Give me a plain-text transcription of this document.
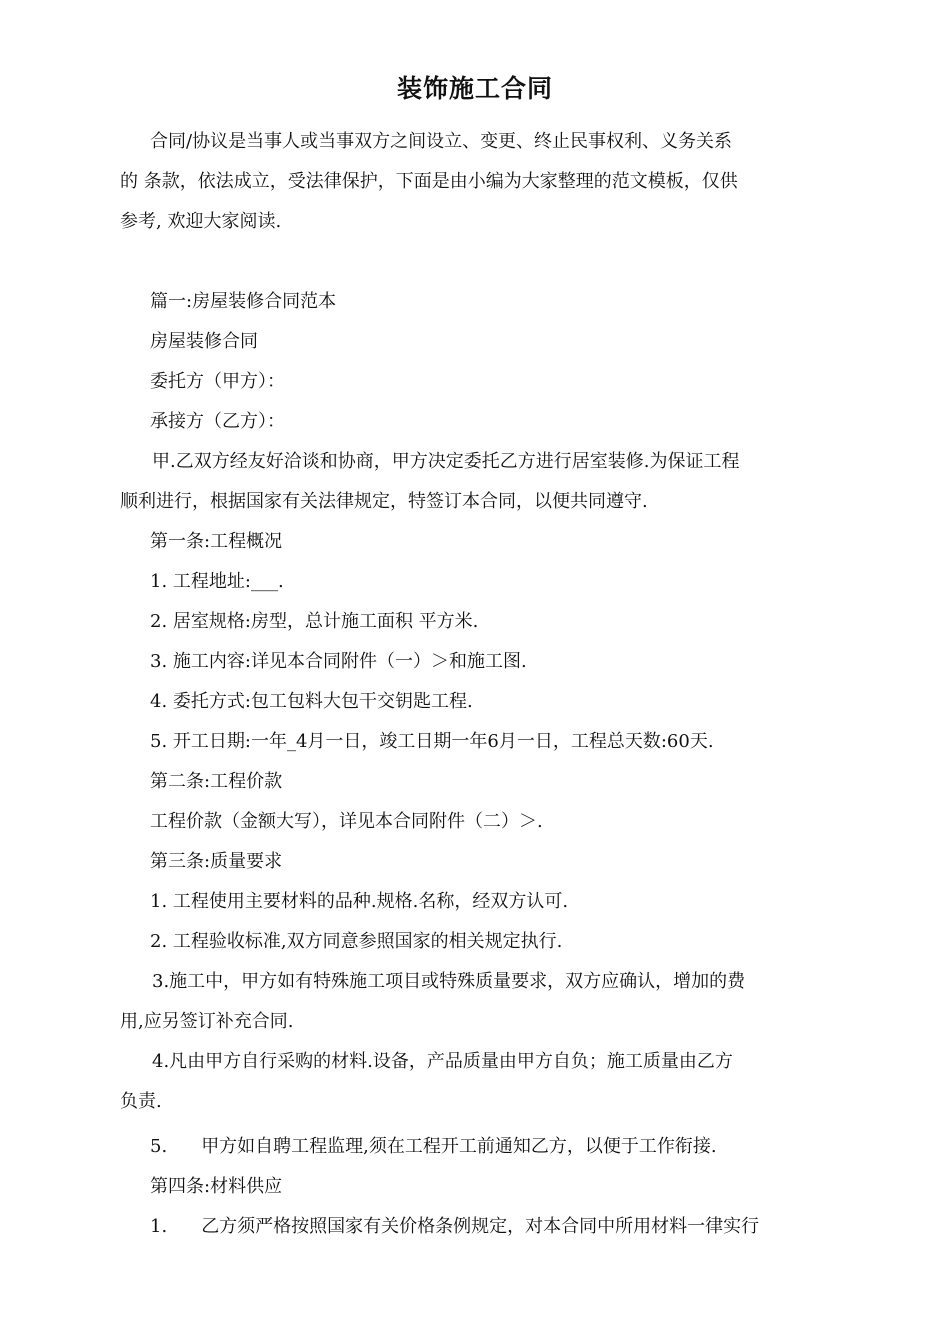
装饰施工合同
合同/协议是当事人或当事双方之间设立、变更、终止民事权利、义务关系
的 条款，依法成立，受法律保护，下面是由小编为大家整理的范文模板，仅供
参考, 欢迎大家阅读.
篇一:房屋装修合同范本
房屋装修合同
委托方（甲方）：
承接方（乙方）：
甲.乙双方经友好洽谈和协商，甲方决定委托乙方进行居室装修.为保证工程
顺利进行，根据国家有关法律规定，特签订本合同，以便共同遵守.
第一条:工程概况
1. 工程地址:___.
2. 居室规格:房型，总计施工面积 平方米.
3. 施工内容:详见本合同附件（一）＞和施工图.
4. 委托方式:包工包料大包干交钥匙工程.
5. 开工日期:一年_4月一日，竣工日期一年6月一日，工程总天数:60天.
第二条:工程价款
工程价款（金额大写），详见本合同附件（二）＞.
第三条:质量要求
1. 工程使用主要材料的品种.规格.名称，经双方认可.
2. 工程验收标准,双方同意参照国家的相关规定执行.
3.施工中，甲方如有特殊施工项目或特殊质量要求，双方应确认，增加的费
用,应另签订补充合同.
4.凡由甲方自行采购的材料.设备，产品质量由甲方自负；施工质量由乙方
负责.
5. 甲方如自聘工程监理,须在工程开工前通知乙方，以便于工作衔接.
第四条:材料供应
1. 乙方须严格按照国家有关价格条例规定，对本合同中所用材料一律实行
